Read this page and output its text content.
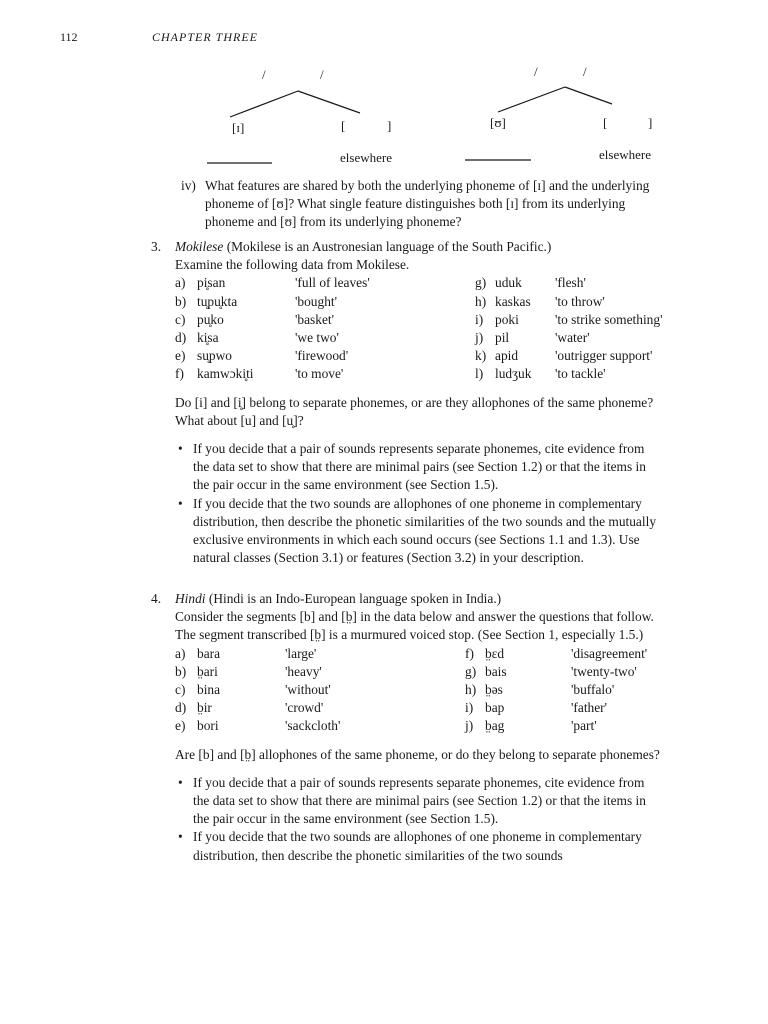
112	CHAPTER THREE
/	/	/	/
[ɪ]	[	]	[ʊ]	[	]
elsewhere	elsewhere
iv) What features are shared by both the underlying phoneme of [ɪ] and the underlying phoneme of [ʊ]? What single feature distinguishes both [ɪ] from its underlying phoneme and [ʊ] from its underlying phoneme?

3. Mokilese (Mokilese is an Austronesian language of the South Pacific.)

Examine the following data from Mokilese.

a) pi̥san	'full of leaves'	g) uduk	'flesh'
b) tu̥pu̥kta	'bought'	h) kaskas	'to throw'
c) pu̥ko	'basket'	i) poki	'to strike something'
d) ki̥sa	'we two'	j) pil	'water'
e) su̥pwo	'firewood'	k) apid	'outrigger support'
f) kamwɔki̥ti	'to move'	l) ludʒuk	'to tackle'

Do [i] and [i̥] belong to separate phonemes, or are they allophones of the same phoneme? What about [u] and [u̥]?

• If you decide that a pair of sounds represents separate phonemes, cite evidence from the data set to show that there are minimal pairs (see Section 1.2) or that the items in the pair occur in the same environment (see Section 1.5).
• If you decide that the two sounds are allophones of one phoneme in complementary distribution, then describe the phonetic similarities of the two sounds and the mutually exclusive environments in which each sound occurs (see Sections 1.1 and 1.3). Use natural classes (Section 3.1) or features (Section 3.2) in your description.
4. Hindi (Hindi is an Indo-European language spoken in India.)

Consider the segments [b] and [b̤] in the data below and answer the questions that follow. The segment transcribed [b̤] is a murmured voiced stop. (See Section 1, especially 1.5.)

a) bara	'large'	f) b̤ɛd	'disagreement'
b) b̤ari	'heavy'	g) bais	'twenty-two'
c) bina	'without'	h) b̤əs	'buffalo'
d) b̤ir	'crowd'	i) bap	'father'
e) bori	'sackcloth'	j) b̤ag	'part'

Are [b] and [b̤] allophones of the same phoneme, or do they belong to separate phonemes?

• If you decide that a pair of sounds represents separate phonemes, cite evidence from the data set to show that there are minimal pairs (see Section 1.2) or that the items in the pair occur in the same environment (see Section 1.5).
• If you decide that the two sounds are allophones of one phoneme in complementary distribution, then describe the phonetic similarities of the two sounds
